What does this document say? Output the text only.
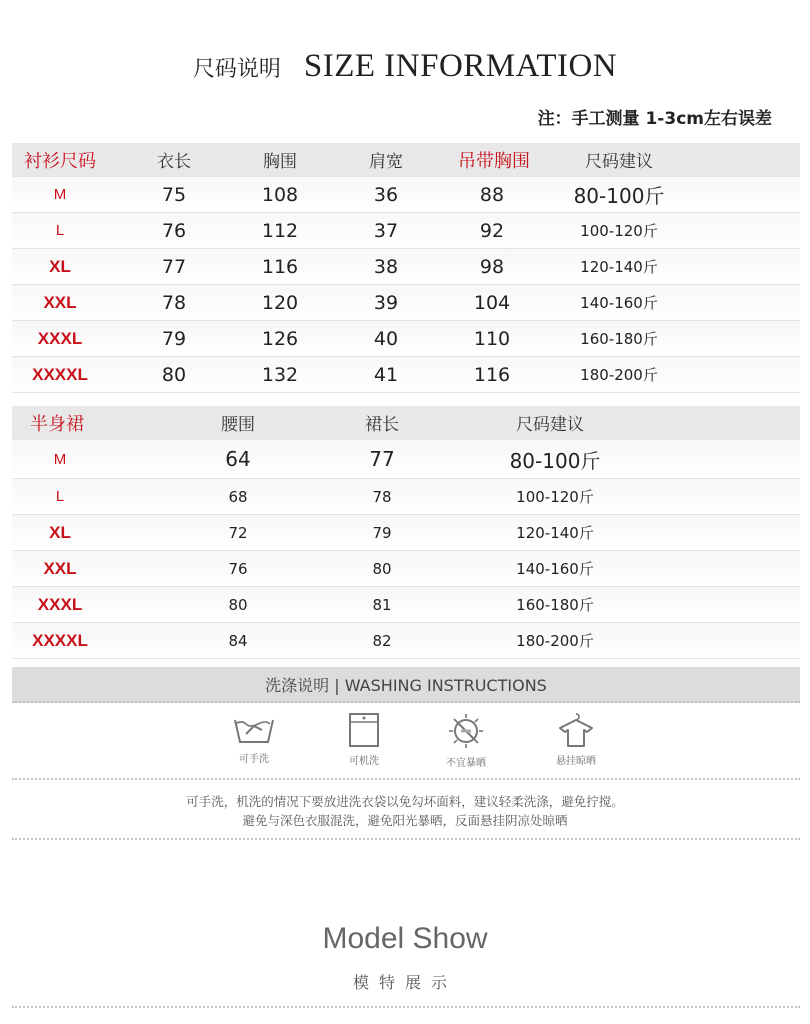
尺码说明 SIZE INFORMATION
注：手工测量 1-3cm左右误差
衬衫尺码	衣长	胸围	肩宽	吊带胸围	尺码建议
M	75	108	36	88	80-100斤
L	76	112	37	92	100-120斤
XL	77	116	38	98	120-140斤
XXL	78	120	39	104	140-160斤
XXXL	79	126	40	110	160-180斤
XXXXL	80	132	41	116	180-200斤
半身裙	腰围	裙长	尺码建议
M	64	77	80-100斤
L	68	78	100-120斤
XL	72	79	120-140斤
XXL	76	80	140-160斤
XXXL	80	81	160-180斤
XXXXL	84	82	180-200斤
洗涤说明 | WASHING INSTRUCTIONS
可手洗	可机洗	不宜暴晒	悬挂晾晒
可手洗，机洗的情况下要放进洗衣袋以免勾坏面料，建议轻柔洗涤，避免拧搅。
避免与深色衣服混洗，避免阳光暴晒，反面悬挂阴凉处晾晒
Model Show
模特展示
